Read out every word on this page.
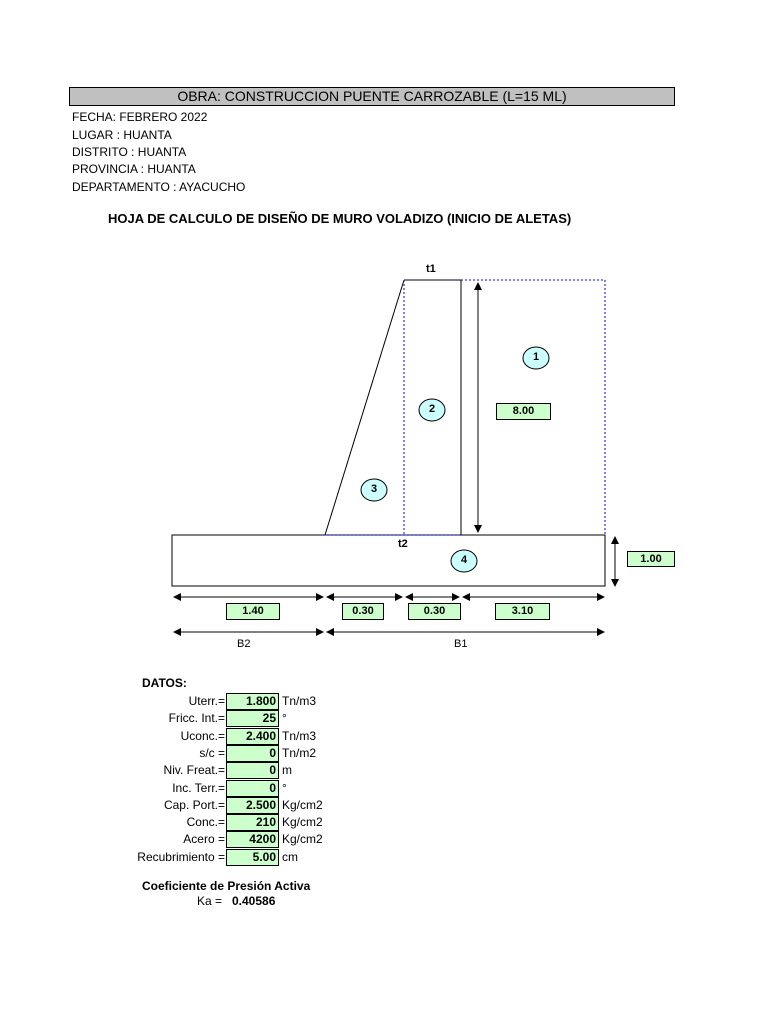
OBRA: CONSTRUCCION PUENTE CARROZABLE (L=15 ML)
FECHA: FEBRERO 2022
LUGAR : HUANTA
DISTRITO : HUANTA
PROVINCIA : HUANTA
DEPARTAMENTO : AYACUCHO
HOJA DE CALCULO DE DISEÑO DE MURO VOLADIZO (INICIO DE ALETAS)
t1
t2
1
2
3
4
8.00
1.00
1.40	0.30	0.30	3.10
B2	B1
DATOS:
Uterr.=	1.800 Tn/m3
Fricc. Int.=	25 °
Uconc.=	2.400 Tn/m3
s/c =	0 Tn/m2
Niv. Freat.=	0 m
Inc. Terr.=	0 °
Cap. Port.=	2.500 Kg/cm2
Conc.=	210 Kg/cm2
Acero =	4200 Kg/cm2
Recubrimiento =	5.00 cm
Coeficiente de Presión Activa
Ka = 0.40586
